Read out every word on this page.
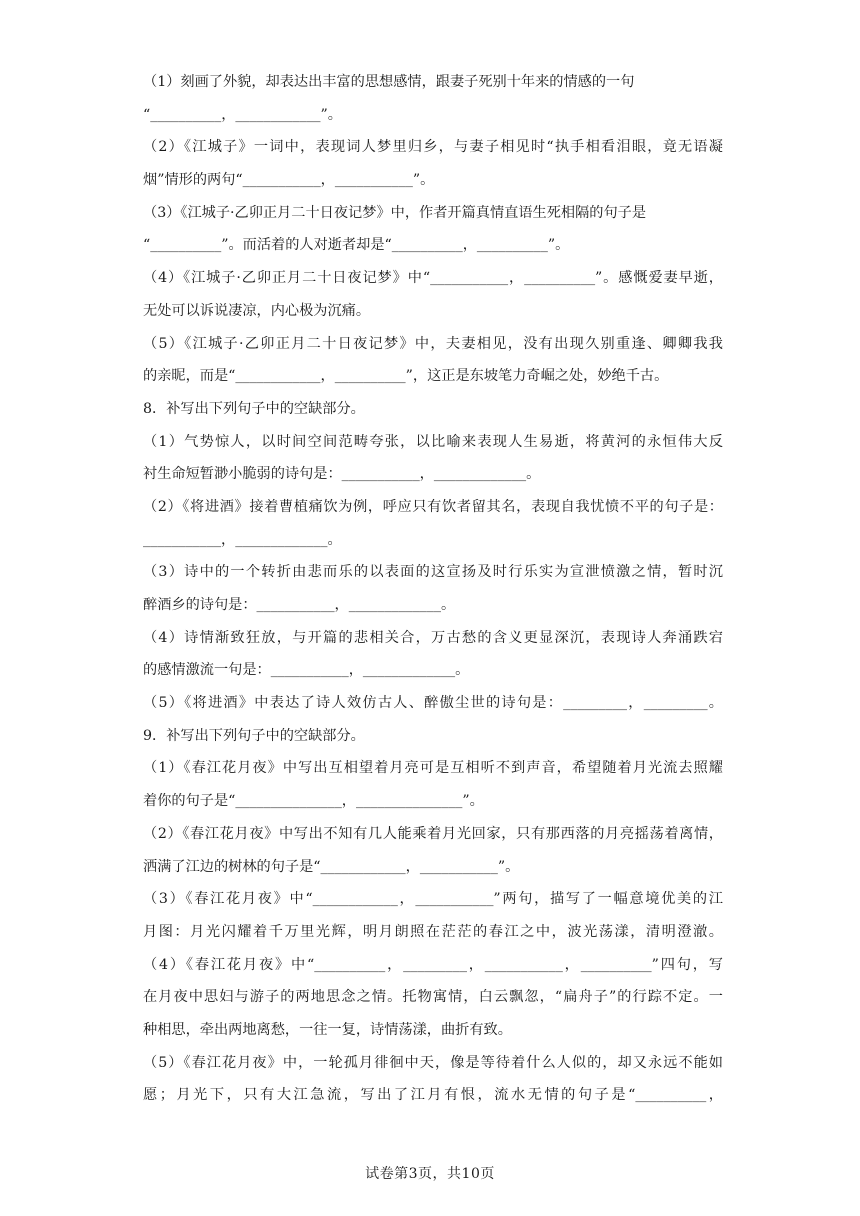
（1）刻画了外貌，却表达出丰富的思想感情，跟妻子死别十年来的情感的一句
“__________，____________”。
（2）《江城子》一词中，表现词人梦里归乡，与妻子相见时“执手相看泪眼，竟无语凝
烟”情形的两句“___________，___________”。
（3）《江城子·乙卯正月二十日夜记梦》中，作者开篇真情直语生死相隔的句子是
“__________”。而活着的人对逝者却是“__________，__________”。
（4）《江城子·乙卯正月二十日夜记梦》中“___________，__________”。感慨爱妻早逝，
无处可以诉说凄凉，内心极为沉痛。
（5）《江城子·乙卯正月二十日夜记梦》中，夫妻相见，没有出现久别重逢、卿卿我我
的亲昵，而是“____________，__________”，这正是东坡笔力奇崛之处，妙绝千古。
8．补写出下列句子中的空缺部分。
（1）气势惊人，以时间空间范畴夸张，以比喻来表现人生易逝，将黄河的永恒伟大反
衬生命短暂渺小脆弱的诗句是：___________，_____________。
（2）《将进酒》接着曹植痛饮为例，呼应只有饮者留其名，表现自我忧愤不平的句子是：
___________，_____________。
（3）诗中的一个转折由悲而乐的以表面的这宣扬及时行乐实为宣泄愤激之情，暂时沉
醉酒乡的诗句是：___________，_____________。
（4）诗情渐致狂放，与开篇的悲相关合，万古愁的含义更显深沉，表现诗人奔涌跌宕
的感情激流一句是：___________，_____________。
（5）《将进酒》中表达了诗人效仿古人、醉傲尘世的诗句是：_________，_________。
9．补写出下列句子中的空缺部分。
（1）《春江花月夜》中写出互相望着月亮可是互相听不到声音，希望随着月光流去照耀
着你的句子是“_______________，_______________”。
（2）《春江花月夜》中写出不知有几人能乘着月光回家，只有那西落的月亮摇荡着离情，
洒满了江边的树林的句子是“____________，___________”。
（3）《春江花月夜》中“____________，___________”两句，描写了一幅意境优美的江
月图：月光闪耀着千万里光辉，明月朗照在茫茫的春江之中，波光荡漾，清明澄澈。
（4）《春江花月夜》中“__________，_________，___________，__________”四句，写
在月夜中思妇与游子的两地思念之情。托物寓情，白云飘忽，“扁舟子”的行踪不定。一
种相思，牵出两地离愁，一往一复，诗情荡漾，曲折有致。
（5）《春江花月夜》中，一轮孤月徘徊中天，像是等待着什么人似的，却又永远不能如
愿；月光下，只有大江急流，写出了江月有恨，流水无情的句子是“__________，
试卷第3页，共10页
